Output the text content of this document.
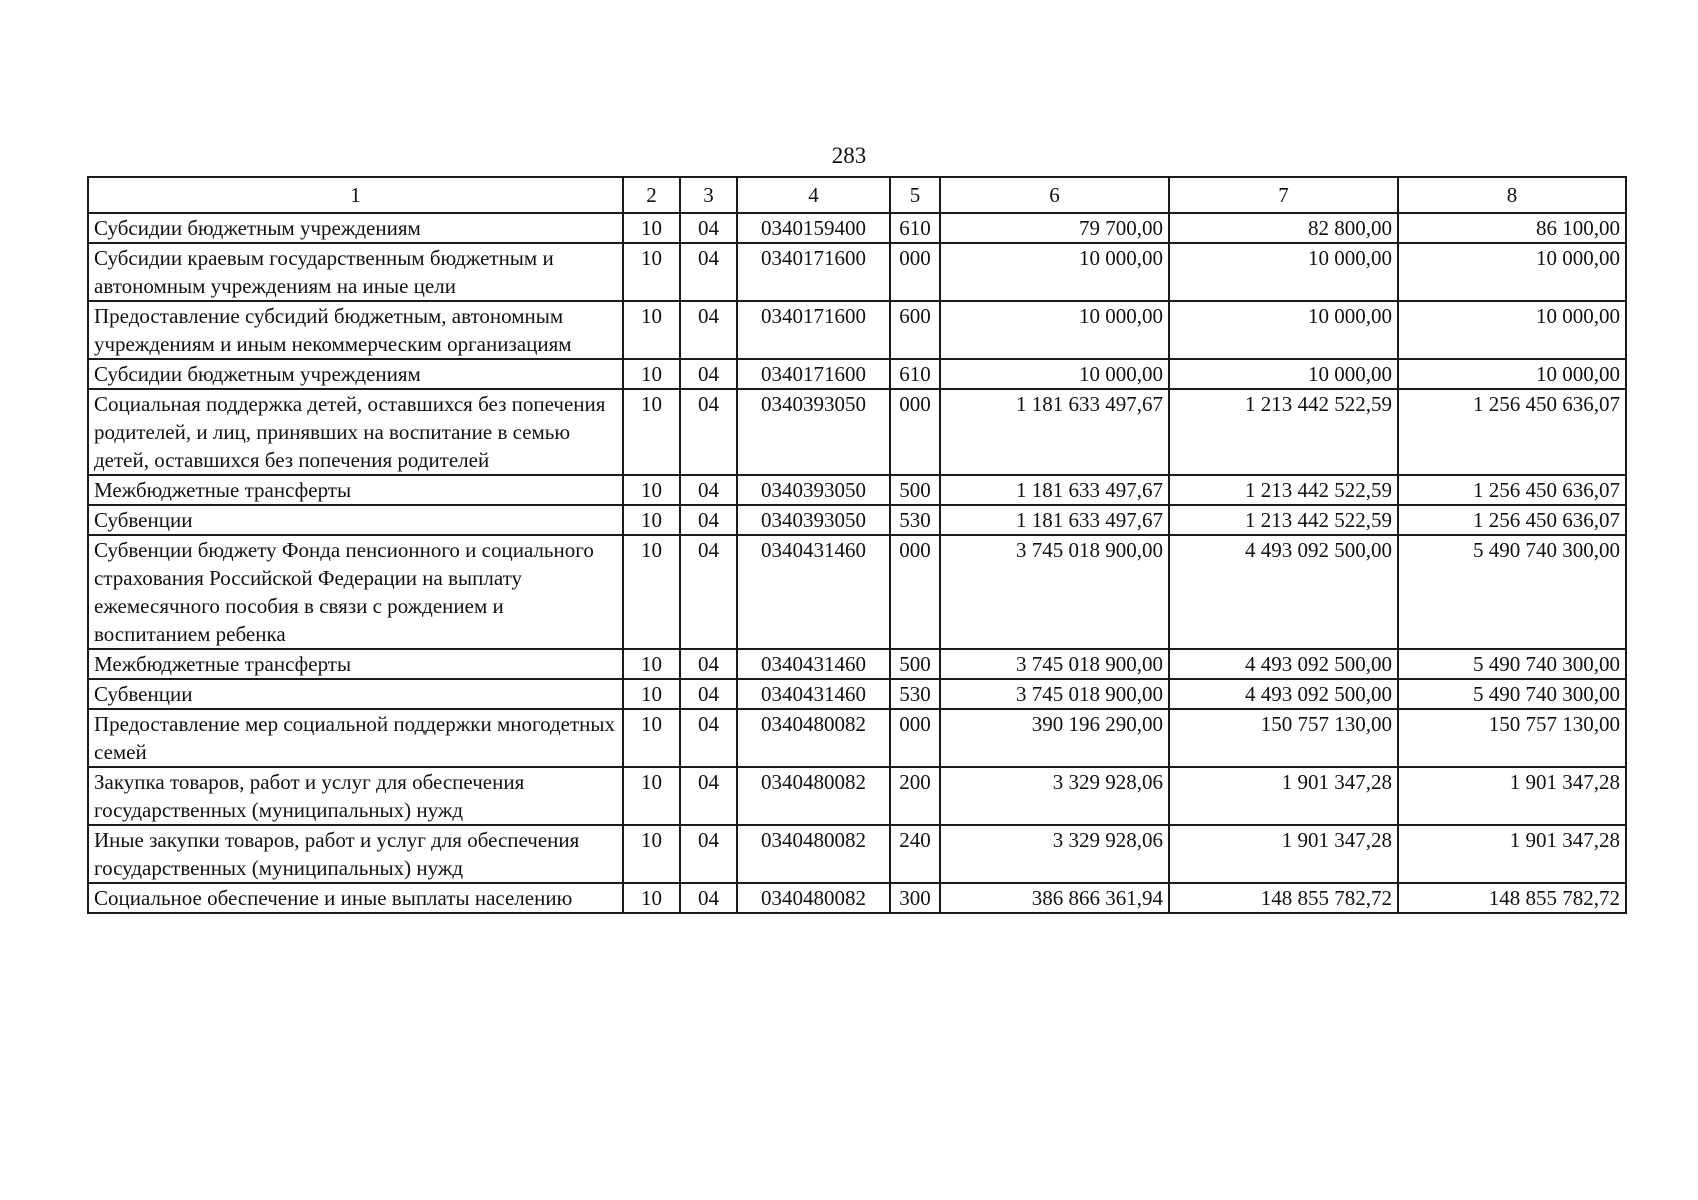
283
1	2	3	4	5	6	7	8
Субсидии бюджетным учреждениям	10	04	0340159400	610	79 700,00	82 800,00	86 100,00
Субсидии краевым государственным бюджетным и автономным учреждениям на иные цели	10	04	0340171600	000	10 000,00	10 000,00	10 000,00
Предоставление субсидий бюджетным, автономным учреждениям и иным некоммерческим организациям	10	04	0340171600	600	10 000,00	10 000,00	10 000,00
Субсидии бюджетным учреждениям	10	04	0340171600	610	10 000,00	10 000,00	10 000,00
Социальная поддержка детей, оставшихся без попечения родителей, и лиц, принявших на воспитание в семью детей, оставшихся без попечения родителей	10	04	0340393050	000	1 181 633 497,67	1 213 442 522,59	1 256 450 636,07
Межбюджетные трансферты	10	04	0340393050	500	1 181 633 497,67	1 213 442 522,59	1 256 450 636,07
Субвенции	10	04	0340393050	530	1 181 633 497,67	1 213 442 522,59	1 256 450 636,07
Субвенции бюджету Фонда пенсионного и социального страхования Российской Федерации на выплату ежемесячного пособия в связи с рождением и воспитанием ребенка	10	04	0340431460	000	3 745 018 900,00	4 493 092 500,00	5 490 740 300,00
Межбюджетные трансферты	10	04	0340431460	500	3 745 018 900,00	4 493 092 500,00	5 490 740 300,00
Субвенции	10	04	0340431460	530	3 745 018 900,00	4 493 092 500,00	5 490 740 300,00
Предоставление мер социальной поддержки многодетных семей	10	04	0340480082	000	390 196 290,00	150 757 130,00	150 757 130,00
Закупка товаров, работ и услуг для обеспечения государственных (муниципальных) нужд	10	04	0340480082	200	3 329 928,06	1 901 347,28	1 901 347,28
Иные закупки товаров, работ и услуг для обеспечения государственных (муниципальных) нужд	10	04	0340480082	240	3 329 928,06	1 901 347,28	1 901 347,28
Социальное обеспечение и иные выплаты населению	10	04	0340480082	300	386 866 361,94	148 855 782,72	148 855 782,72
